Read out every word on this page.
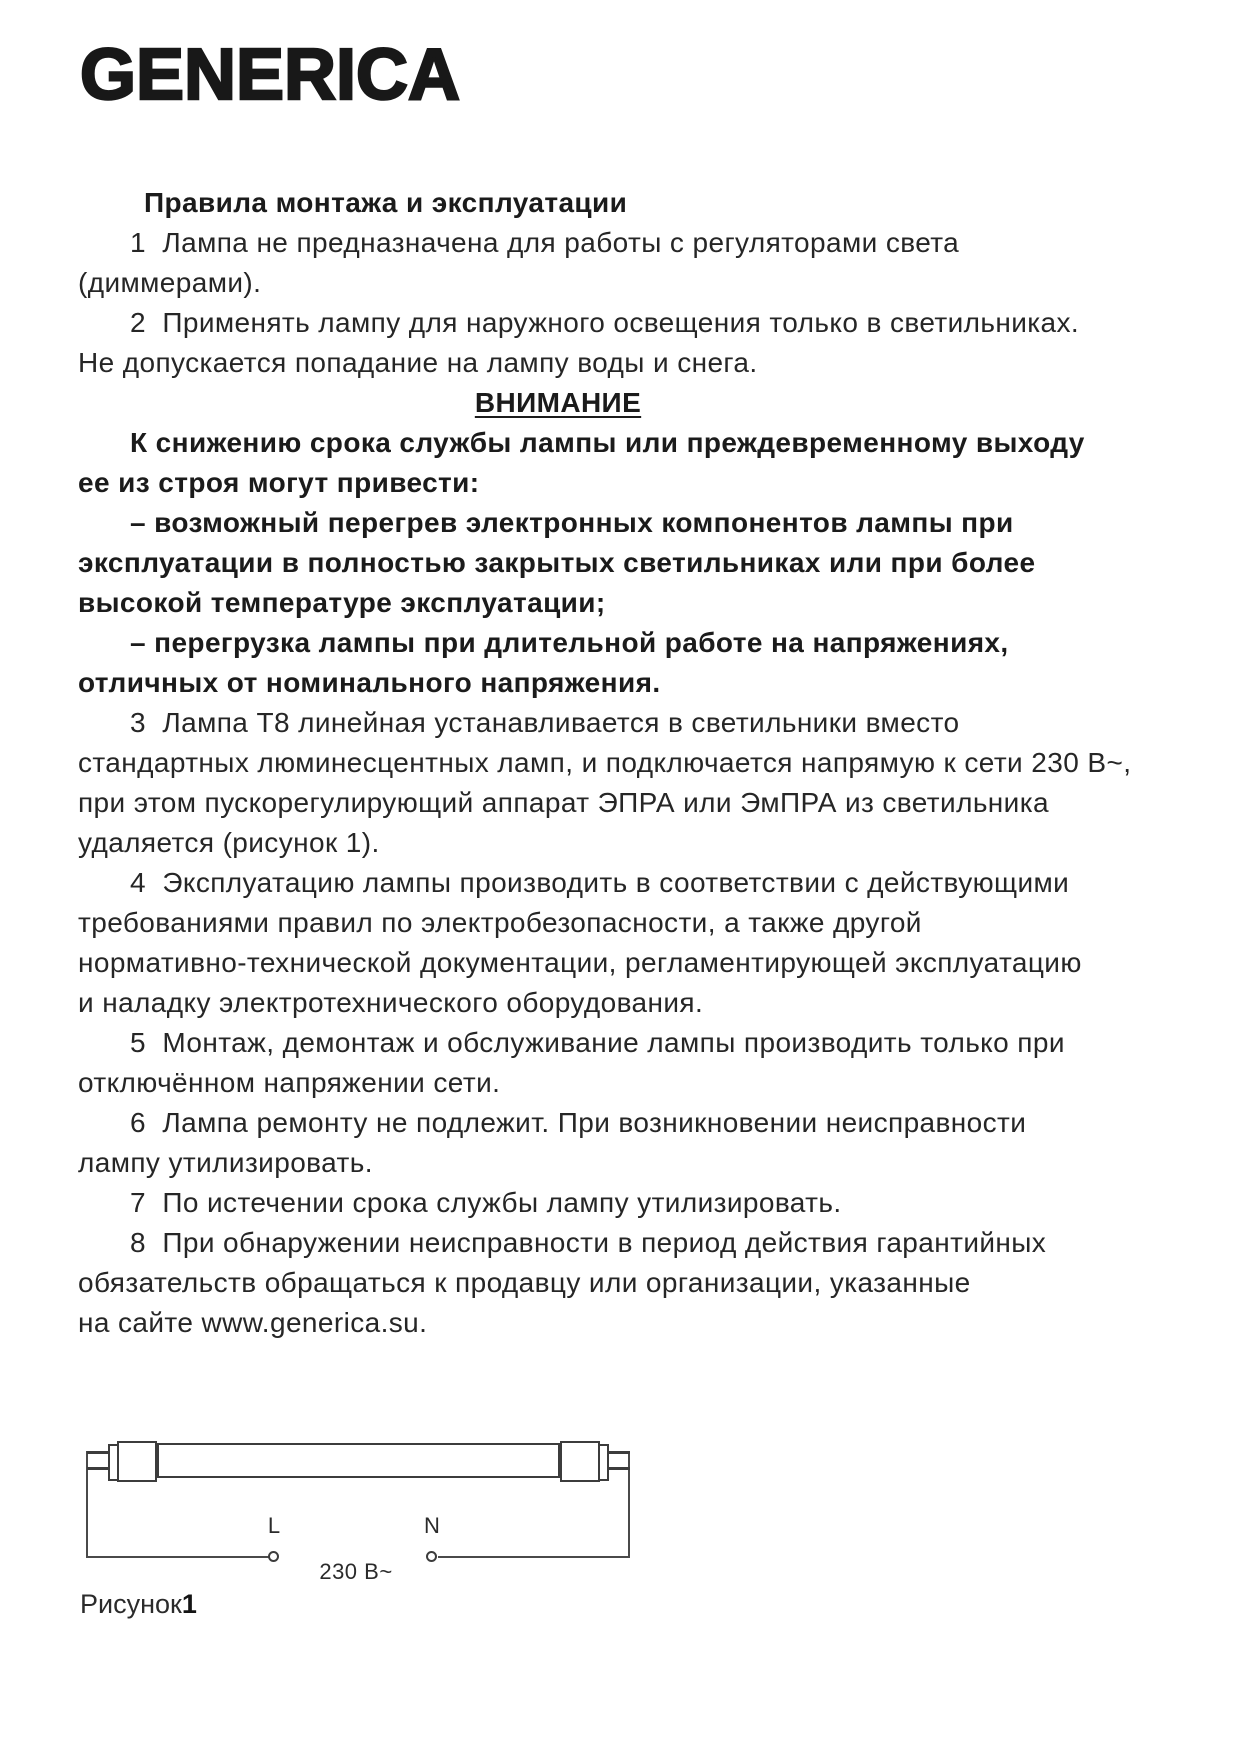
GENERICA
Правила монтажа и эксплуатации
1  Лампа не предназначена для работы с регуляторами света
(диммерами).
2  Применять лампу для наружного освещения только в светильниках.
Не допускается попадание на лампу воды и снега.
ВНИМАНИЕ
К снижению срока службы лампы или преждевременному выходу
ее из строя могут привести:
– возможный перегрев электронных компонентов лампы при
эксплуатации в полностью закрытых светильниках или при более
высокой температуре эксплуатации;
– перегрузка лампы при длительной работе на напряжениях,
отличных от номинального напряжения.
3  Лампа Т8 линейная устанавливается в светильники вместо
стандартных люминесцентных ламп, и подключается напрямую к сети 230 В~,
при этом пускорегулирующий аппарат ЭПРА или ЭмПРА из светильника
удаляется (рисунок 1).
4  Эксплуатацию лампы производить в соответствии с действующими
требованиями правил по электробезопасности, а также другой
нормативно-технической документации, регламентирующей эксплуатацию
и наладку электротехнического оборудования.
5  Монтаж, демонтаж и обслуживание лампы производить только при
отключённом напряжении сети.
6  Лампа ремонту не подлежит. При возникновении неисправности
лампу утилизировать.
7  По истечении срока службы лампу утилизировать.
8  При обнаружении неисправности в период действия гарантийных
обязательств обращаться к продавцу или организации, указанные
на сайте www.generica.su.
L	N
230 В~
Рисунок1
